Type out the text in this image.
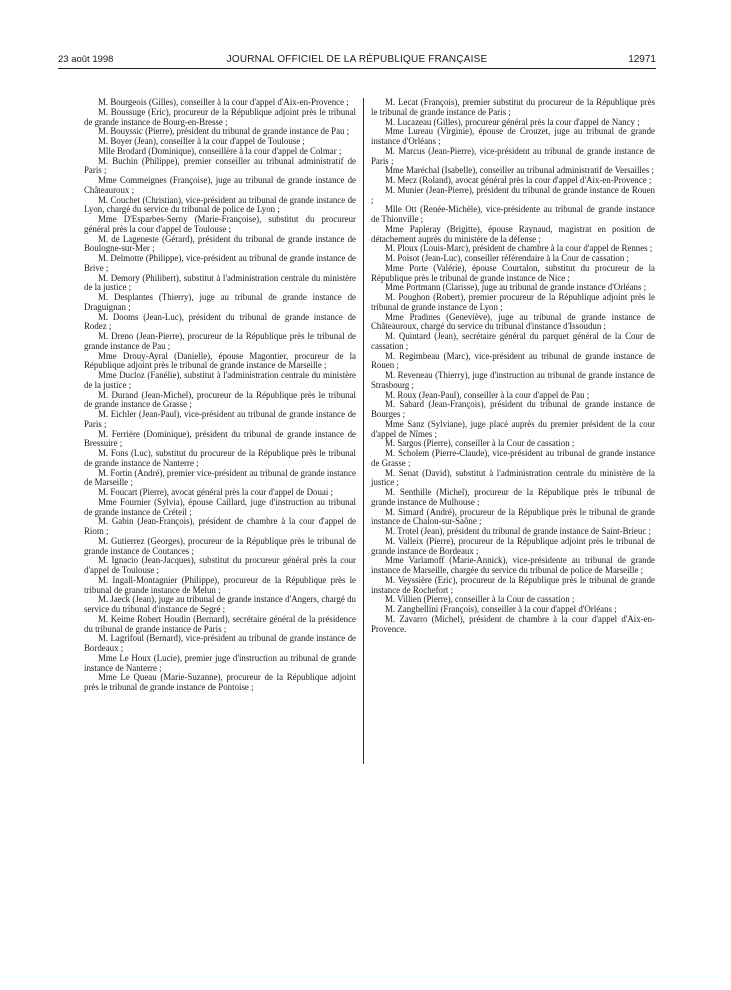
23 août 1998	JOURNAL OFFICIEL DE LA RÉPUBLIQUE FRANÇAISE	12971

M. Bourgeois (Gilles), conseiller à la cour d'appel d'Aix-en-Provence ;

M. Boussuge (Eric), procureur de la République adjoint près le tribunal de grande instance de Bourg-en-Bresse ;

M. Bouyssic (Pierre), président du tribunal de grande instance de Pau ;

M. Boyer (Jean), conseiller à la cour d'appel de Toulouse ;

Mlle Brodard (Dominique), conseillère à la cour d'appel de Colmar ;

M. Buchin (Philippe), premier conseiller au tribunal administratif de Paris ;

Mme Commeignes (Françoise), juge au tribunal de grande instance de Châteauroux ;

M. Couchet (Christian), vice-président au tribunal de grande instance de Lyon, chargé du service du tribunal de police de Lyon ;

Mme D'Esparbes-Serny (Marie-Françoise), substitut du procureur général près la cour d'appel de Toulouse ;

M. de Lageneste (Gérard), président du tribunal de grande instance de Boulogne-sur-Mer ;

M. Delmotte (Philippe), vice-président au tribunal de grande instance de Brive ;

M. Demory (Philibert), substitut à l'administration centrale du ministère de la justice ;

M. Desplantes (Thierry), juge au tribunal de grande instance de Draguignan ;

M. Dooms (Jean-Luc), président du tribunal de grande instance de Rodez ;

M. Dreno (Jean-Pierre), procureur de la République près le tribunal de grande instance de Pau ;

Mme Drouy-Ayral (Danielle), épouse Magontier, procureur de la République adjoint près le tribunal de grande instance de Marseille ;

Mme Ducloz (Fanélie), substitut à l'administration centrale du ministère de la justice ;

M. Durand (Jean-Michel), procureur de la République près le tribunal de grande instance de Grasse ;

M. Eichler (Jean-Paul), vice-président au tribunal de grande instance de Paris ;

M. Ferrière (Dominique), président du tribunal de grande instance de Bressuire ;

M. Fons (Luc), substitut du procureur de la République près le tribunal de grande instance de Nanterre ;

M. Fortin (André), premier vice-président au tribunal de grande instance de Marseille ;

M. Foucart (Pierre), avocat général près la cour d'appel de Douai ;

Mme Fournier (Sylvia), épouse Caillard, juge d'instruction au tribunal de grande instance de Créteil ;

M. Gabin (Jean-François), président de chambre à la cour d'appel de Riom ;

M. Gutierrez (Georges), procureur de la République près le tribunal de grande instance de Coutances ;

M. Ignacio (Jean-Jacques), substitut du procureur général près la cour d'appel de Toulouse ;

M. Ingall-Montagnier (Philippe), procureur de la République près le tribunal de grande instance de Melun ;

M. Jaeck (Jean), juge au tribunal de grande instance d'Angers, chargé du service du tribunal d'instance de Segré ;

M. Keime Robert Houdin (Bernard), secrétaire général de la présidence du tribunal de grande instance de Paris ;

M. Lagrifoul (Bernard), vice-président au tribunal de grande instance de Bordeaux ;

Mme Le Houx (Lucie), premier juge d'instruction au tribunal de grande instance de Nanterre ;

Mme Le Queau (Marie-Suzanne), procureur de la République adjoint près le tribunal de grande instance de Pontoise ;

M. Lecat (François), premier substitut du procureur de la République près le tribunal de grande instance de Paris ;

M. Lucazeau (Gilles), procureur général près la cour d'appel de Nancy ;

Mme Lureau (Virginie), épouse de Crouzet, juge au tribunal de grande instance d'Orléans ;

M. Marcus (Jean-Pierre), vice-président au tribunal de grande instance de Paris ;

Mme Maréchal (Isabelle), conseiller au tribunal administratif de Versailles ;

M. Mecz (Roland), avocat général près la cour d'appel d'Aix-en-Provence ;

M. Munier (Jean-Pierre), président du tribunal de grande instance de Rouen ;

Mlle Ott (Renée-Michèle), vice-présidente au tribunal de grande instance de Thionville ;

Mme Papleray (Brigitte), épouse Raynaud, magistrat en position de détachement auprès du ministère de la défense ;

M. Ploux (Louis-Marc), président de chambre à la cour d'appel de Rennes ;

M. Poisot (Jean-Luc), conseiller référendaire à la Cour de cassation ;

Mme Porte (Valérie), épouse Courtalon, substitut du procureur de la République près le tribunal de grande instance de Nice ;

Mme Portmann (Clarisse), juge au tribunal de grande instance d'Orléans ;

M. Poughon (Robert), premier procureur de la République adjoint près le tribunal de grande instance de Lyon ;

Mme Pradines (Geneviève), juge au tribunal de grande instance de Châteauroux, chargé du service du tribunal d'instance d'Issoudun ;

M. Quintard (Jean), secrétaire général du parquet général de la Cour de cassation ;

M. Regimbeau (Marc), vice-président au tribunal de grande instance de Rouen ;

M. Reveneau (Thierry), juge d'instruction au tribunal de grande instance de Strasbourg ;

M. Roux (Jean-Paul), conseiller à la cour d'appel de Pau ;

M. Sabard (Jean-François), président du tribunal de grande instance de Bourges ;

Mme Sanz (Sylviane), juge placé auprès du premier président de la cour d'appel de Nîmes ;

M. Sargos (Pierre), conseiller à la Cour de cassation ;

M. Scholem (Pierre-Claude), vice-président au tribunal de grande instance de Grasse ;

M. Senat (David), substitut à l'administration centrale du ministère de la justice ;

M. Senthille (Michel), procureur de la République près le tribunal de grande instance de Mulhouse ;

M. Simard (André), procureur de la République près le tribunal de grande instance de Chalon-sur-Saône ;

M. Trotel (Jean), président du tribunal de grande instance de Saint-Brieuc ;

M. Valleix (Pierre), procureur de la République adjoint près le tribunal de grande instance de Bordeaux ;

Mme Varlamoff (Marie-Annick), vice-présidente au tribunal de grande instance de Marseille, chargée du service du tribunal de police de Marseille ;

M. Veyssière (Eric), procureur de la République près le tribunal de grande instance de Rochefort ;

M. Villien (Pierre), conseiller à la Cour de cassation ;

M. Zanghellini (François), conseiller à la cour d'appel d'Orléans ;

M. Zavarro (Michel), président de chambre à la cour d'appel d'Aix-en-Provence.
